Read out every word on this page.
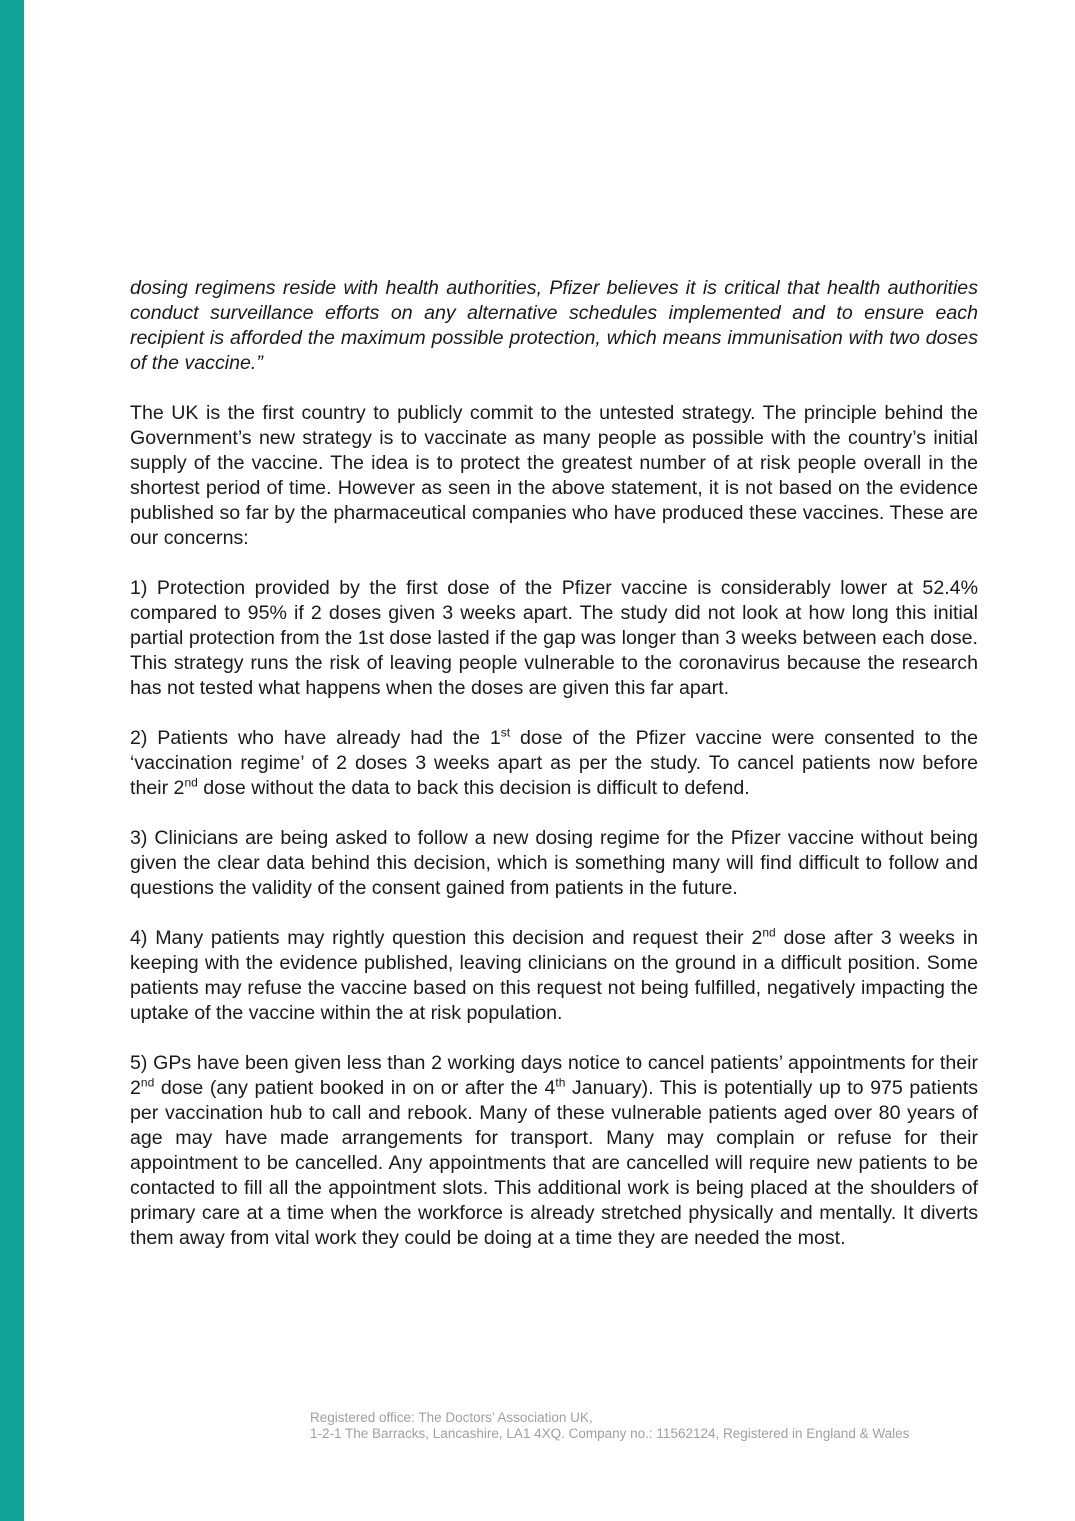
dosing regimens reside with health authorities, Pfizer believes it is critical that health authorities conduct surveillance efforts on any alternative schedules implemented and to ensure each recipient is afforded the maximum possible protection, which means immunisation with two doses of the vaccine.”

The UK is the first country to publicly commit to the untested strategy. The principle behind the Government’s new strategy is to vaccinate as many people as possible with the country’s initial supply of the vaccine. The idea is to protect the greatest number of at risk people overall in the shortest period of time. However as seen in the above statement, it is not based on the evidence published so far by the pharmaceutical companies who have produced these vaccines. These are our concerns:

1) Protection provided by the first dose of the Pfizer vaccine is considerably lower at 52.4% compared to 95% if 2 doses given 3 weeks apart. The study did not look at how long this initial partial protection from the 1st dose lasted if the gap was longer than 3 weeks between each dose. This strategy runs the risk of leaving people vulnerable to the coronavirus because the research has not tested what happens when the doses are given this far apart.

2) Patients who have already had the 1st dose of the Pfizer vaccine were consented to the ‘vaccination regime’ of 2 doses 3 weeks apart as per the study. To cancel patients now before their 2nd dose without the data to back this decision is difficult to defend.

3) Clinicians are being asked to follow a new dosing regime for the Pfizer vaccine without being given the clear data behind this decision, which is something many will find difficult to follow and questions the validity of the consent gained from patients in the future.

4) Many patients may rightly question this decision and request their 2nd dose after 3 weeks in keeping with the evidence published, leaving clinicians on the ground in a difficult position. Some patients may refuse the vaccine based on this request not being fulfilled, negatively impacting the uptake of the vaccine within the at risk population.

5) GPs have been given less than 2 working days notice to cancel patients’ appointments for their 2nd dose (any patient booked in on or after the 4th January). This is potentially up to 975 patients per vaccination hub to call and rebook. Many of these vulnerable patients aged over 80 years of age may have made arrangements for transport. Many may complain or refuse for their appointment to be cancelled. Any appointments that are cancelled will require new patients to be contacted to fill all the appointment slots. This additional work is being placed at the shoulders of primary care at a time when the workforce is already stretched physically and mentally. It diverts them away from vital work they could be doing at a time they are needed the most.

Registered office: The Doctors’ Association UK,
1-2-1 The Barracks, Lancashire, LA1 4XQ. Company no.: 11562124, Registered in England & Wales
